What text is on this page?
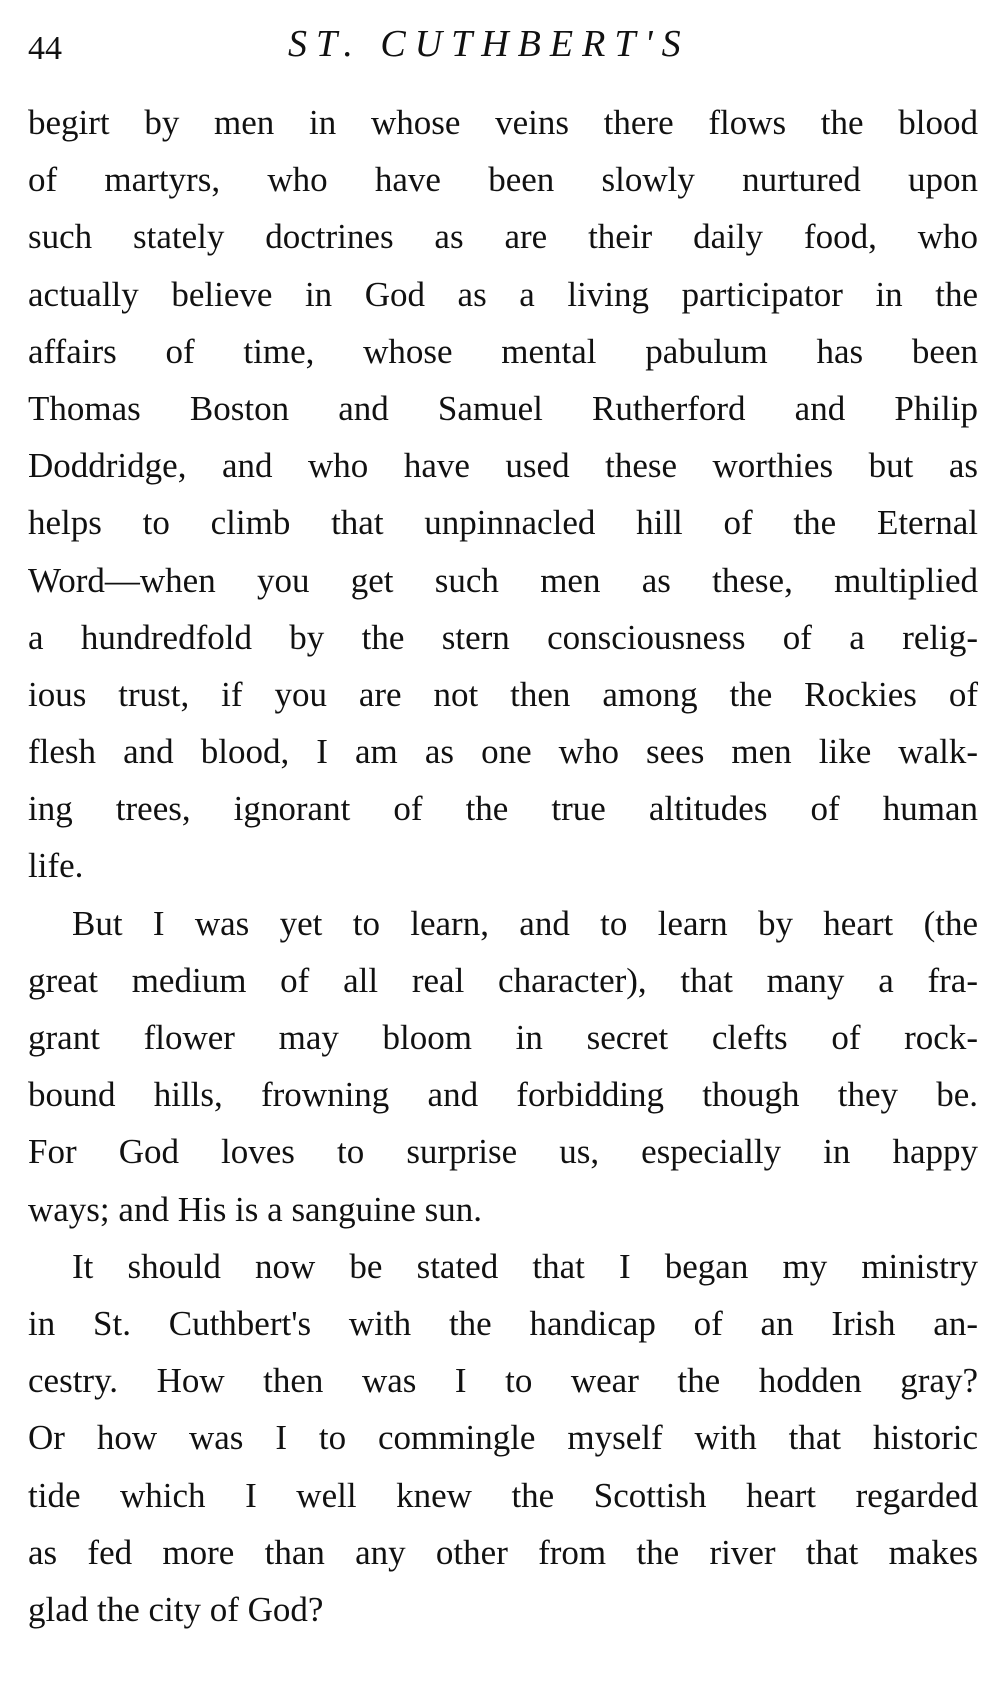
44	ST. CUTHBERT'S
begirt by men in whose veins there flows the blood
of martyrs, who have been slowly nurtured upon
such stately doctrines as are their daily food, who
actually believe in God as a living participator in the
affairs of time, whose mental pabulum has been
Thomas Boston and Samuel Rutherford and Philip
Doddridge, and who have used these worthies but as
helps to climb that unpinnacled hill of the Eternal
Word—when you get such men as these, multiplied
a hundredfold by the stern consciousness of a relig-
ious trust, if you are not then among the Rockies of
flesh and blood, I am as one who sees men like walk-
ing trees, ignorant of the true altitudes of human
life.
But I was yet to learn, and to learn by heart (the
great medium of all real character), that many a fra-
grant flower may bloom in secret clefts of rock-
bound hills, frowning and forbidding though they be.
For God loves to surprise us, especially in happy
ways; and His is a sanguine sun.
It should now be stated that I began my ministry
in St. Cuthbert's with the handicap of an Irish an-
cestry. How then was I to wear the hodden gray?
Or how was I to commingle myself with that historic
tide which I well knew the Scottish heart regarded
as fed more than any other from the river that makes
glad the city of God?
